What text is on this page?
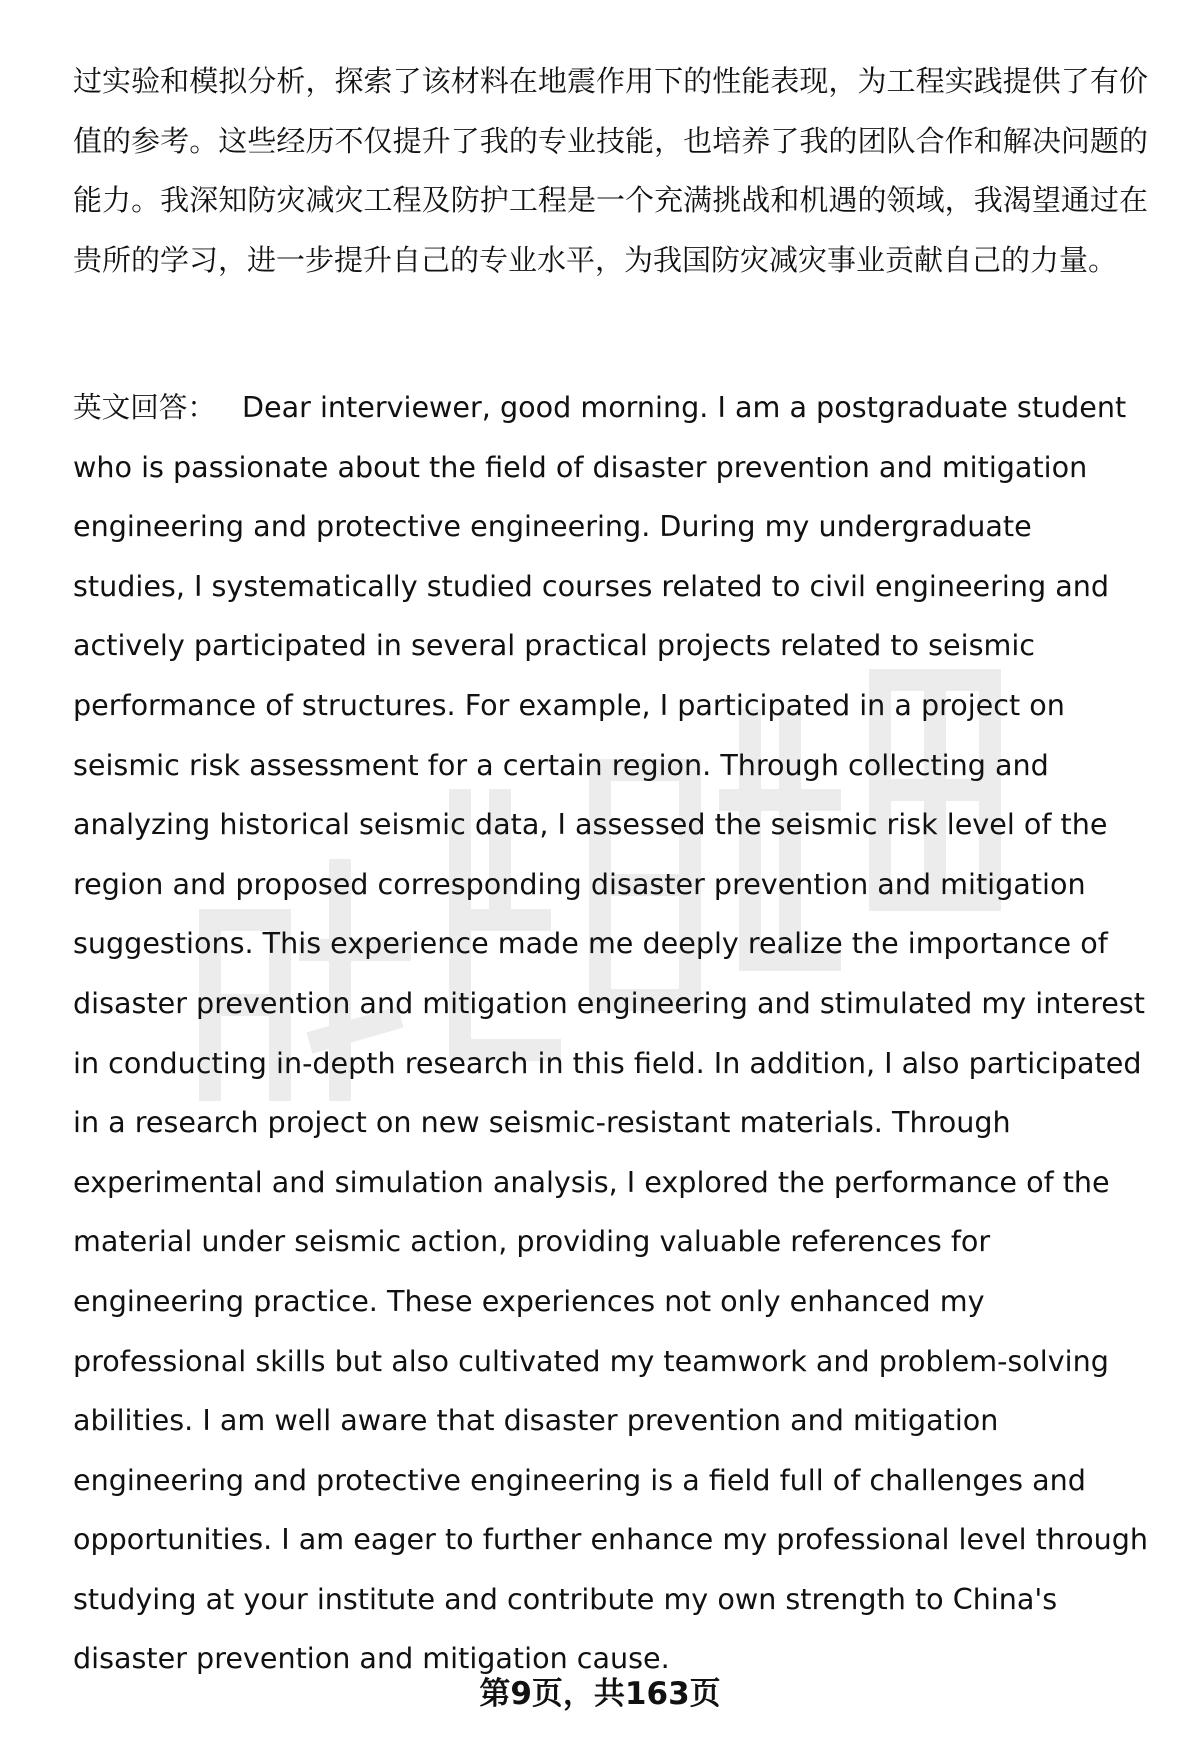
过实验和模拟分析，探索了该材料在地震作用下的性能表现，为工程实践提供了有价值的参考。这些经历不仅提升了我的专业技能，也培养了我的团队合作和解决问题的能力。我深知防灾减灾工程及防护工程是一个充满挑战和机遇的领域，我渴望通过在贵所的学习，进一步提升自己的专业水平，为我国防灾减灾事业贡献自己的力量。

英文回答： Dear interviewer, good morning. I am a postgraduate student who is passionate about the field of disaster prevention and mitigation engineering and protective engineering. During my undergraduate studies, I systematically studied courses related to civil engineering and actively participated in several practical projects related to seismic performance of structures. For example, I participated in a project on seismic risk assessment for a certain region. Through collecting and analyzing historical seismic data, I assessed the seismic risk level of the region and proposed corresponding disaster prevention and mitigation suggestions. This experience made me deeply realize the importance of disaster prevention and mitigation engineering and stimulated my interest in conducting in-depth research in this field. In addition, I also participated in a research project on new seismic-resistant materials. Through experimental and simulation analysis, I explored the performance of the material under seismic action, providing valuable references for engineering practice. These experiences not only enhanced my professional skills but also cultivated my teamwork and problem-solving abilities. I am well aware that disaster prevention and mitigation engineering and protective engineering is a field full of challenges and opportunities. I am eager to further enhance my professional level through studying at your institute and contribute my own strength to China's disaster prevention and mitigation cause.

第9页，共163页
